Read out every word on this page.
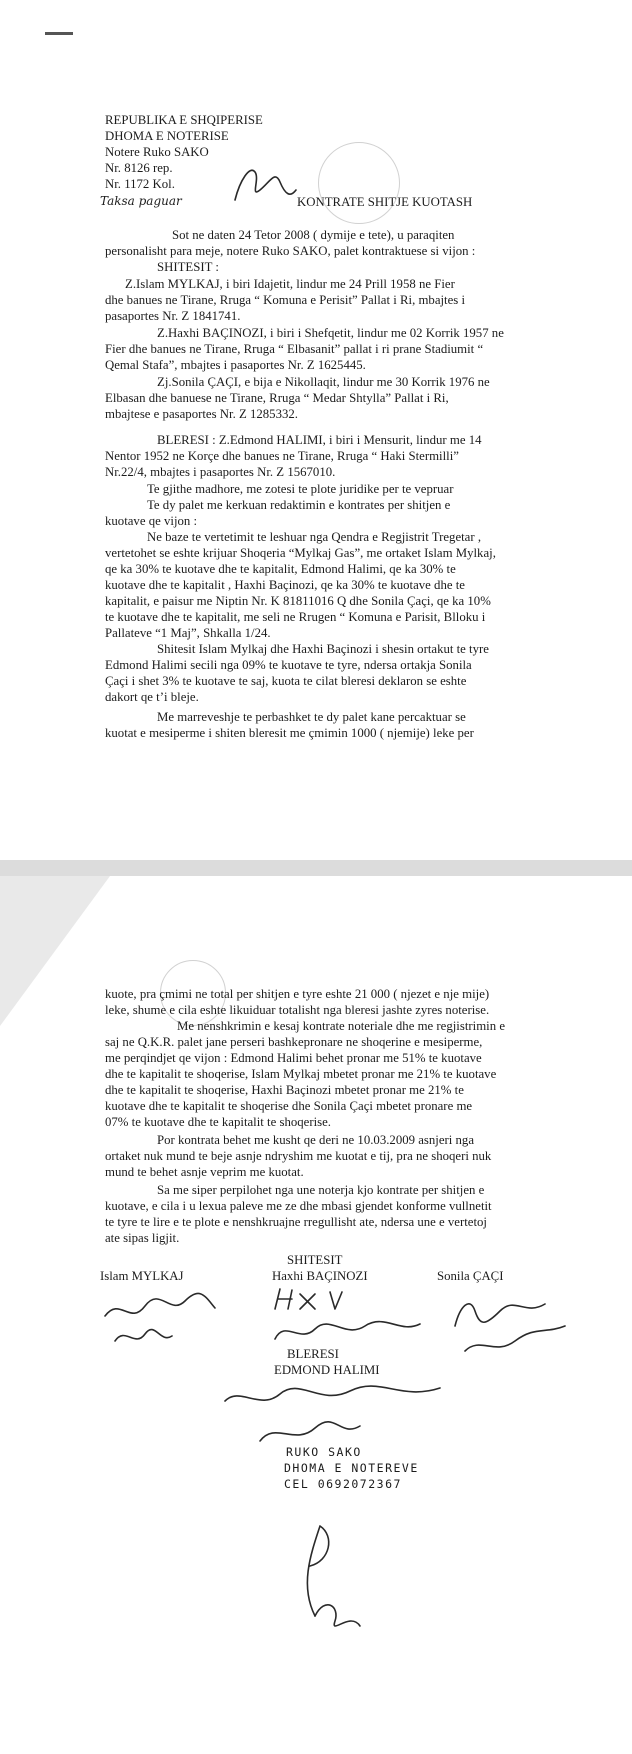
REPUBLIKA E SHQIPERISE
DHOMA E NOTERISE
Notere Ruko SAKO
Nr. 8126 rep.
Nr. 1172 Kol.
Taksa paguar	KONTRATE SHITJE KUOTASH
Sot ne daten 24 Tetor 2008 ( dymije e tete), u paraqiten
personalisht para meje, notere Ruko SAKO, palet kontraktuese si vijon :
SHITESIT :
Z.Islam MYLKAJ, i biri Idajetit, lindur me 24 Prill 1958 ne Fier
dhe banues ne Tirane, Rruga “ Komuna e Perisit” Pallat i Ri, mbajtes i
pasaportes Nr. Z 1841741.
Z.Haxhi BAÇINOZI, i biri i Shefqetit, lindur me 02 Korrik 1957 ne
Fier dhe banues ne Tirane, Rruga “ Elbasanit” pallat i ri prane Stadiumit “
Qemal Stafa”, mbajtes i pasaportes Nr. Z 1625445.
Zj.Sonila ÇAÇI, e bija e Nikollaqit, lindur me 30 Korrik 1976 ne
Elbasan dhe banuese ne Tirane, Rruga “ Medar Shtylla” Pallat i Ri,
mbajtese e pasaportes Nr. Z 1285332.
BLERESI : Z.Edmond HALIMI, i biri i Mensurit, lindur me 14
Nentor 1952 ne Korçe dhe banues ne Tirane, Rruga “ Haki Stermilli”
Nr.22/4, mbajtes i pasaportes Nr. Z 1567010.
Te gjithe madhore, me zotesi te plote juridike per te vepruar
Te dy palet me kerkuan redaktimin e kontrates per shitjen e
kuotave qe vijon :
Ne baze te vertetimit te leshuar nga Qendra e Regjistrit Tregetar ,
vertetohet se eshte krijuar Shoqeria “Mylkaj Gas”, me ortaket Islam Mylkaj,
qe ka 30% te kuotave dhe te kapitalit, Edmond Halimi, qe ka 30% te
kuotave dhe te kapitalit , Haxhi Baçinozi, qe ka 30% te kuotave dhe te
kapitalit, e paisur me Niptin Nr. K 81811016 Q dhe Sonila Çaçi, qe ka 10%
te kuotave dhe te kapitalit, me seli ne Rrugen “ Komuna e Parisit, Blloku i
Pallateve “1 Maj”, Shkalla 1/24.
Shitesit Islam Mylkaj dhe Haxhi Baçinozi i shesin ortakut te tyre
Edmond Halimi secili nga 09% te kuotave te tyre, ndersa ortakja Sonila
Çaçi i shet 3% te kuotave te saj, kuota te cilat bleresi deklaron se eshte
dakort qe t’i bleje.
Me marreveshje te perbashket te dy palet kane percaktuar se
kuotat e mesiperme i shiten bleresit me çmimin 1000 ( njemije) leke per
kuote, pra çmimi ne total per shitjen e tyre eshte 21 000 ( njezet e nje mije)
leke, shume e cila eshte likuiduar totalisht nga bleresi jashte zyres noterise.
Me nenshkrimin e kesaj kontrate noteriale dhe me regjistrimin e
saj ne Q.K.R. palet jane perseri bashkepronare ne shoqerine e mesiperme,
me perqindjet qe vijon : Edmond Halimi behet pronar me 51% te kuotave
dhe te kapitalit te shoqerise, Islam Mylkaj mbetet pronar me 21% te kuotave
dhe te kapitalit te shoqerise, Haxhi Baçinozi mbetet pronar me 21% te
kuotave dhe te kapitalit te shoqerise dhe Sonila Çaçi mbetet pronare me
07% te kuotave dhe te kapitalit te shoqerise.
Por kontrata behet me kusht qe deri ne 10.03.2009 asnjeri nga
ortaket nuk mund te beje asnje ndryshim me kuotat e tij, pra ne shoqeri nuk
mund te behet asnje veprim me kuotat.
Sa me siper perpilohet nga une noterja kjo kontrate per shitjen e
kuotave, e cila i u lexua paleve me ze dhe mbasi gjendet konforme vullnetit
te tyre te lire e te plote e nenshkruajne rregullisht ate, ndersa une e vertetoj
ate sipas ligjit.
SHITESIT
Islam MYLKAJ	Haxhi BAÇINOZI	Sonila ÇAÇI
BLERESI
EDMOND HALIMI
RUKO SAKO
DHOMA E NOTEREVE
CEL 0692072367
